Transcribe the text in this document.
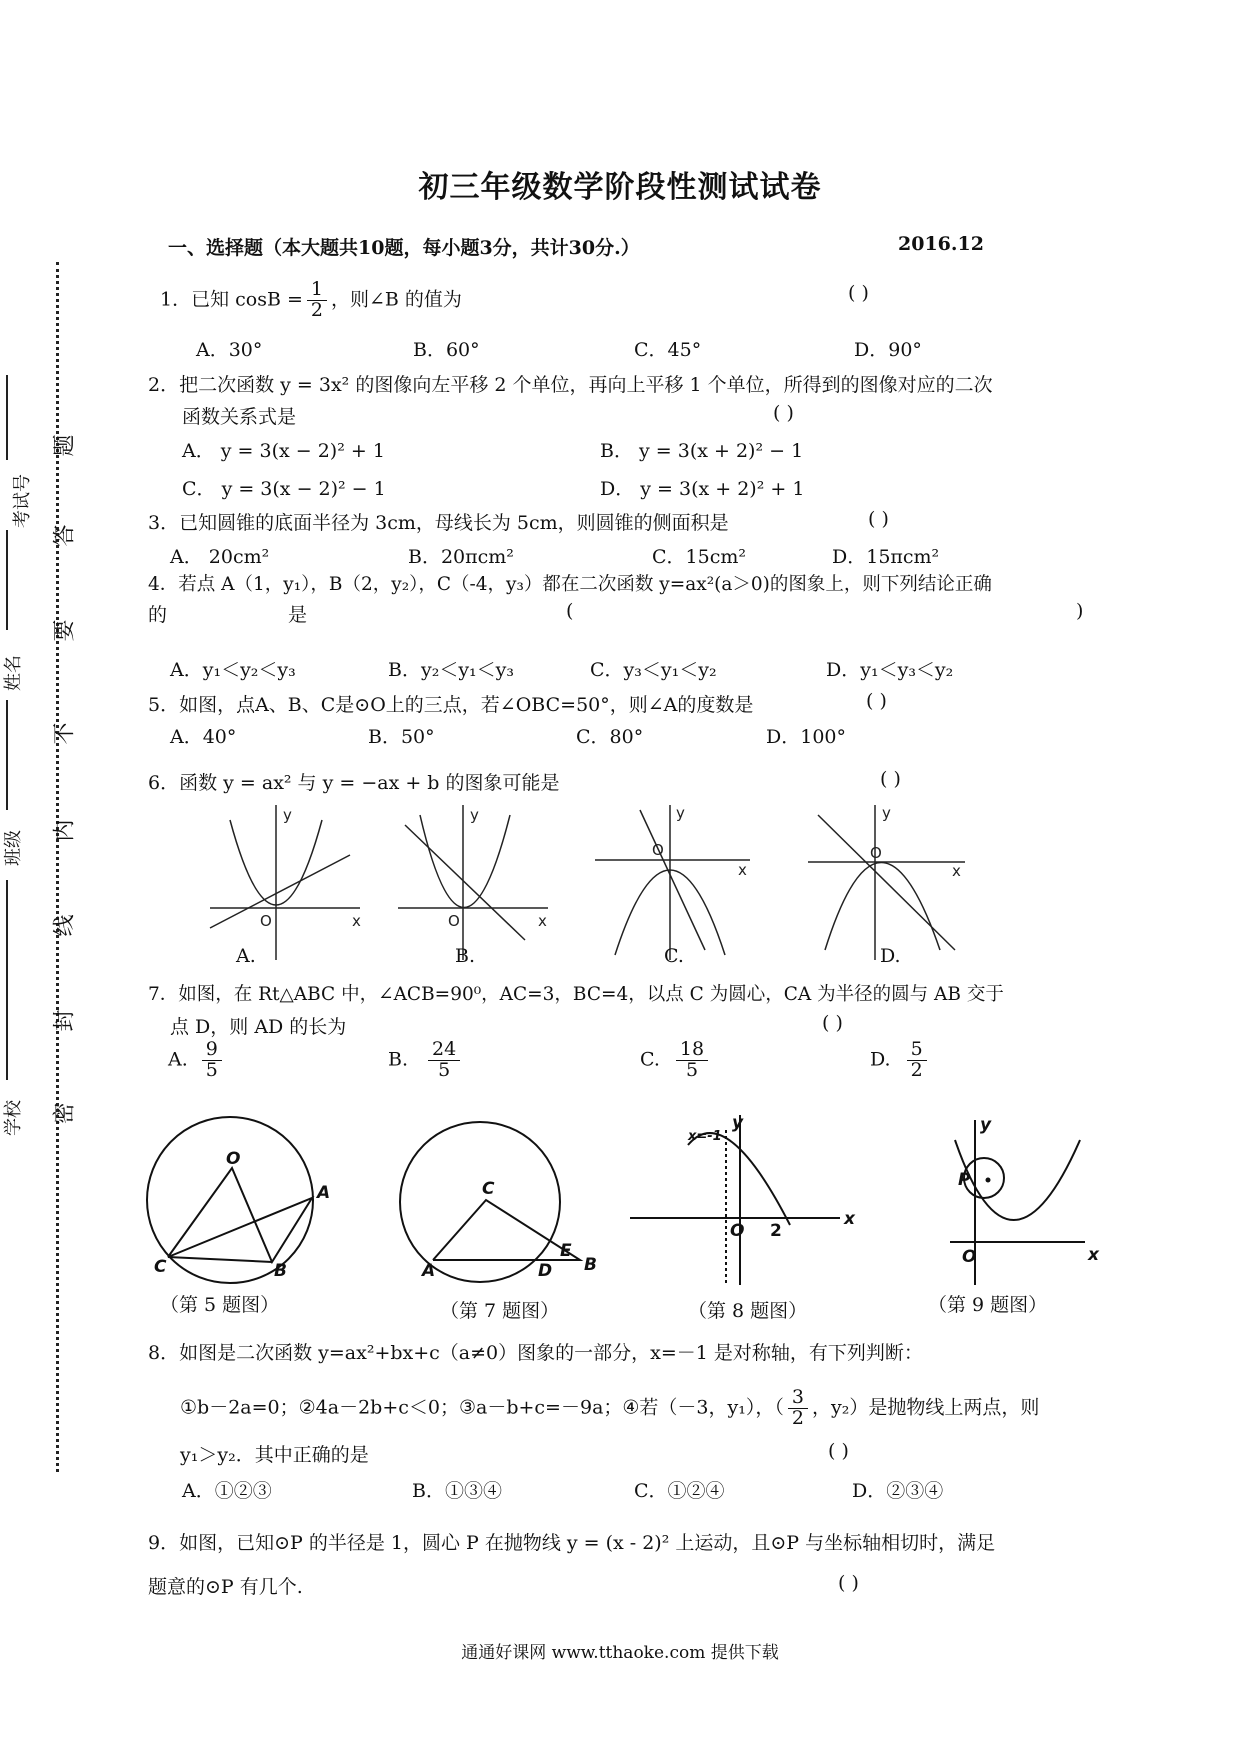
题
答
要
不
内
线
封
密
考试号
姓名
班级
学校
初三年级数学阶段性测试试卷
一、选择题（本大题共10题，每小题3分，共计30分.）	2016.12
1．已知 $\cos B = \frac{1}{2}$ ，则∠B 的值为	( )
A．30°	B．60°	C．45°	D．90°
2．把二次函数 y = 3x² 的图像向左平移 2 个单位，再向上平移 1 个单位，所得到的图像对应的二次
函数关系式是	( )
A． y = 3(x − 2)² + 1	B． y = 3(x + 2)² − 1
C． y = 3(x − 2)² − 1	D． y = 3(x + 2)² + 1
3．已知圆锥的底面半径为 3cm，母线长为 5cm，则圆锥的侧面积是	( )
A． 20cm²	B．20πcm²	C．15cm²	D．15πcm²
4．若点 A（1，y₁），B（2，y₂），C（-4，y₃）都在二次函数 y=ax²(a＞0)的图象上，则下列结论正确
的	是	(	)
A．y₁＜y₂＜y₃	B．y₂＜y₁＜y₃	C．y₃＜y₁＜y₂	D．y₁＜y₃＜y₂
5．如图，点A、B、C是⊙O上的三点，若∠OBC=50°，则∠A的度数是	( )
A．40°	B．50°	C．80°	D．100°
6．函数 y = ax² 与 y = −ax + b 的图象可能是	( )
y
x
O
y
x
O
y
x
O
y
x
O
A.	B.	C.	D.
7．如图，在 Rt△ABC 中，∠ACB=90⁰，AC=3，BC=4，以点 C 为圆心，CA 为半径的圆与 AB 交于
点 D，则 AD 的长为	( )
A. $\frac{9}{5}$	B. $\frac{24}{5}$	C. $\frac{18}{5}$	D. $\frac{5}{2}$
O
A
C	B
C
A	D
E
B
x=-1
y
x
O 2
y
P
O	x
（第 5 题图）	（第 7 题图）	（第 8 题图）	（第 9 题图）
8．如图是二次函数 y=ax²+bx+c（a≠0）图象的一部分，x=－1 是对称轴，有下列判断：
①b－2a=0；②4a－2b+c＜0；③a－b+c=－9a；④若（－3，y₁），（ $\frac{3}{2}$ ，y₂）是抛物线上两点，则
y₁＞y₂．其中正确的是	( )
A．①②③	B．①③④	C．①②④	D．②③④
9．如图，已知⊙P 的半径是 1，圆心 P 在抛物线 y = (x - 2)² 上运动，且⊙P 与坐标轴相切时，满足
题意的⊙P 有几个.	( )
通通好课网 www.tthaoke.com 提供下载
